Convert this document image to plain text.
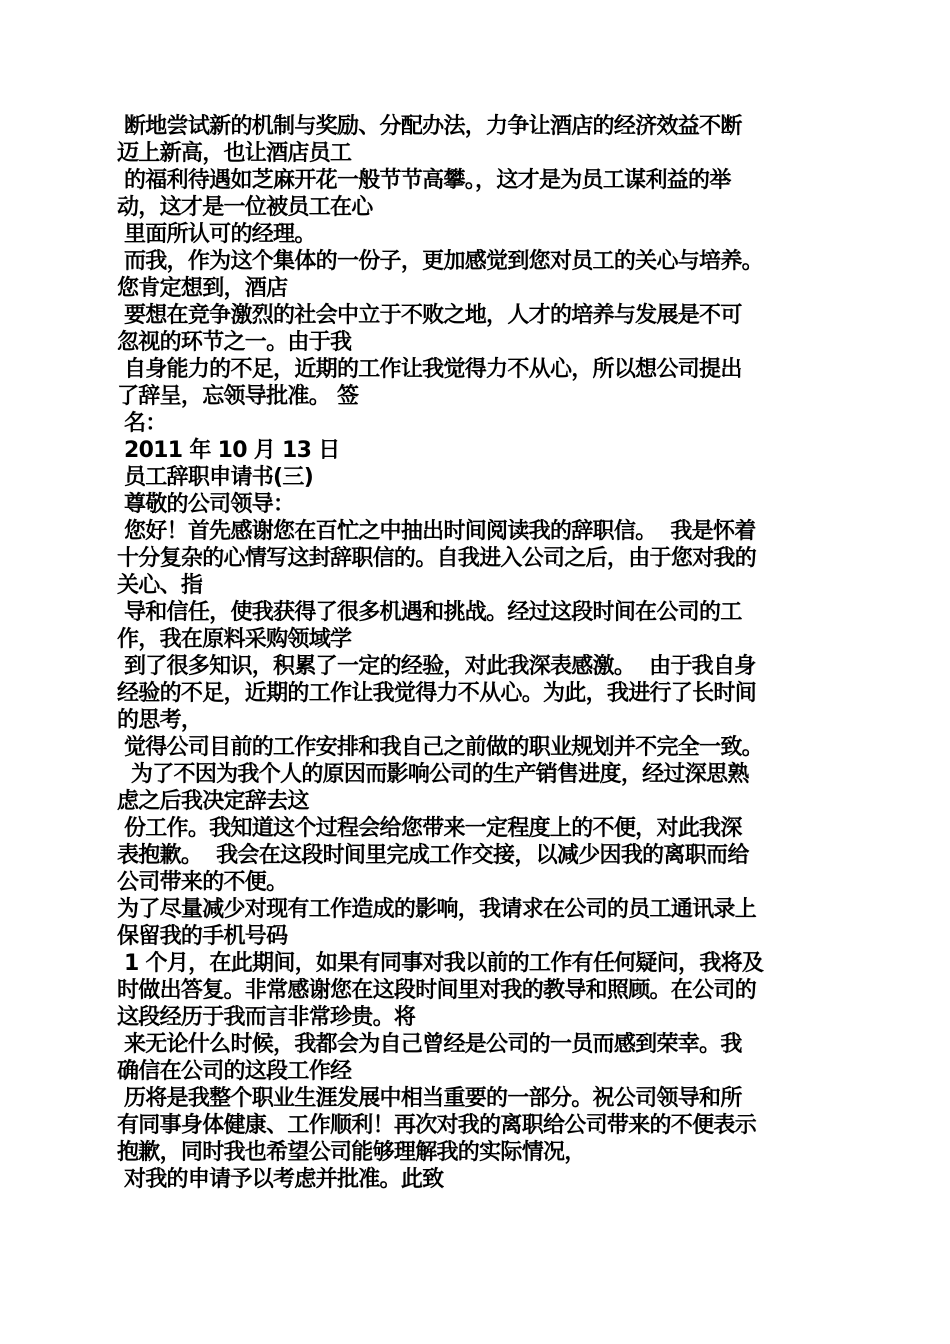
断地尝试新的机制与奖励、分配办法，力争让酒店的经济效益不断
迈上新高，也让酒店员工
的福利待遇如芝麻开花一般节节高攀。，这才是为员工谋利益的举
动，这才是一位被员工在心
里面所认可的经理。
而我，作为这个集体的一份子，更加感觉到您对员工的关心与培养。
您肯定想到，酒店
要想在竞争激烈的社会中立于不败之地，人才的培养与发展是不可
忽视的环节之一。由于我
自身能力的不足，近期的工作让我觉得力不从心，所以想公司提出
了辞呈，忘领导批准。 签
名：
2011 年 10 月 13 日
员工辞职申请书(三)
尊敬的公司领导：
您好！首先感谢您在百忙之中抽出时间阅读我的辞职信。  我是怀着
十分复杂的心情写这封辞职信的。自我进入公司之后，由于您对我的
关心、指
导和信任，使我获得了很多机遇和挑战。经过这段时间在公司的工
作，我在原料采购领域学
到了很多知识，积累了一定的经验，对此我深表感激。  由于我自身
经验的不足，近期的工作让我觉得力不从心。为此，我进行了长时间
的思考，
觉得公司目前的工作安排和我自己之前做的职业规划并不完全一致。
为了不因为我个人的原因而影响公司的生产销售进度，经过深思熟
虑之后我决定辞去这
份工作。我知道这个过程会给您带来一定程度上的不便，对此我深
表抱歉。  我会在这段时间里完成工作交接，以减少因我的离职而给
公司带来的不便。
为了尽量减少对现有工作造成的影响，我请求在公司的员工通讯录上
保留我的手机号码
1 个月，在此期间，如果有同事对我以前的工作有任何疑问，我将及
时做出答复。非常感谢您在这段时间里对我的教导和照顾。在公司的
这段经历于我而言非常珍贵。将
来无论什么时候，我都会为自己曾经是公司的一员而感到荣幸。我
确信在公司的这段工作经
历将是我整个职业生涯发展中相当重要的一部分。祝公司领导和所
有同事身体健康、工作顺利！再次对我的离职给公司带来的不便表示
抱歉，同时我也希望公司能够理解我的实际情况，
对我的申请予以考虑并批准。此致
